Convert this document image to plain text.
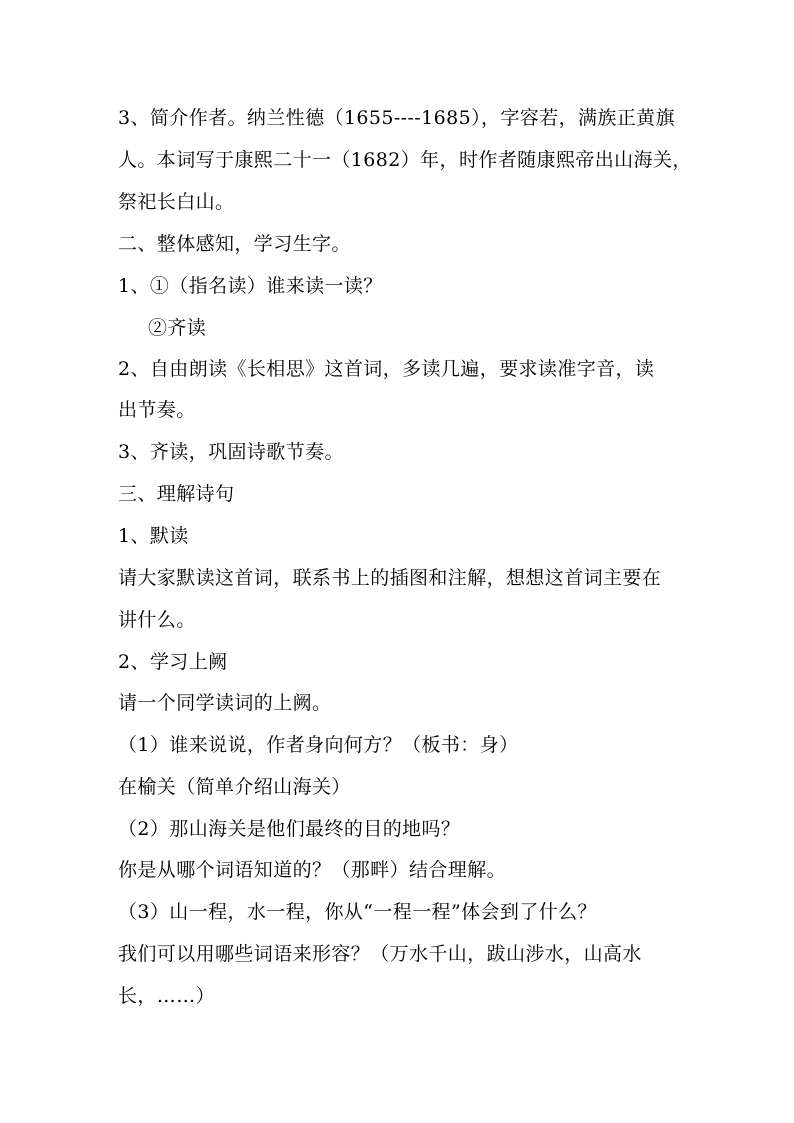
3、简介作者。纳兰性德（1655----1685），字容若，满族正黄旗
人。本词写于康熙二十一（1682）年，时作者随康熙帝出山海关，
祭祀长白山。
二、整体感知，学习生字。
1、①（指名读）谁来读一读？
②齐读
2、自由朗读《长相思》这首词，多读几遍，要求读准字音，读
出节奏。
3、齐读，巩固诗歌节奏。
三、理解诗句
1、默读
请大家默读这首词，联系书上的插图和注解，想想这首词主要在
讲什么。
2、学习上阙
请一个同学读词的上阙。
（1）谁来说说，作者身向何方？（板书：身）
在榆关（简单介绍山海关）
（2）那山海关是他们最终的目的地吗？
你是从哪个词语知道的？（那畔）结合理解。
（3）山一程，水一程，你从“一程一程”体会到了什么？
我们可以用哪些词语来形容？（万水千山，跋山涉水，山高水
长，……）
